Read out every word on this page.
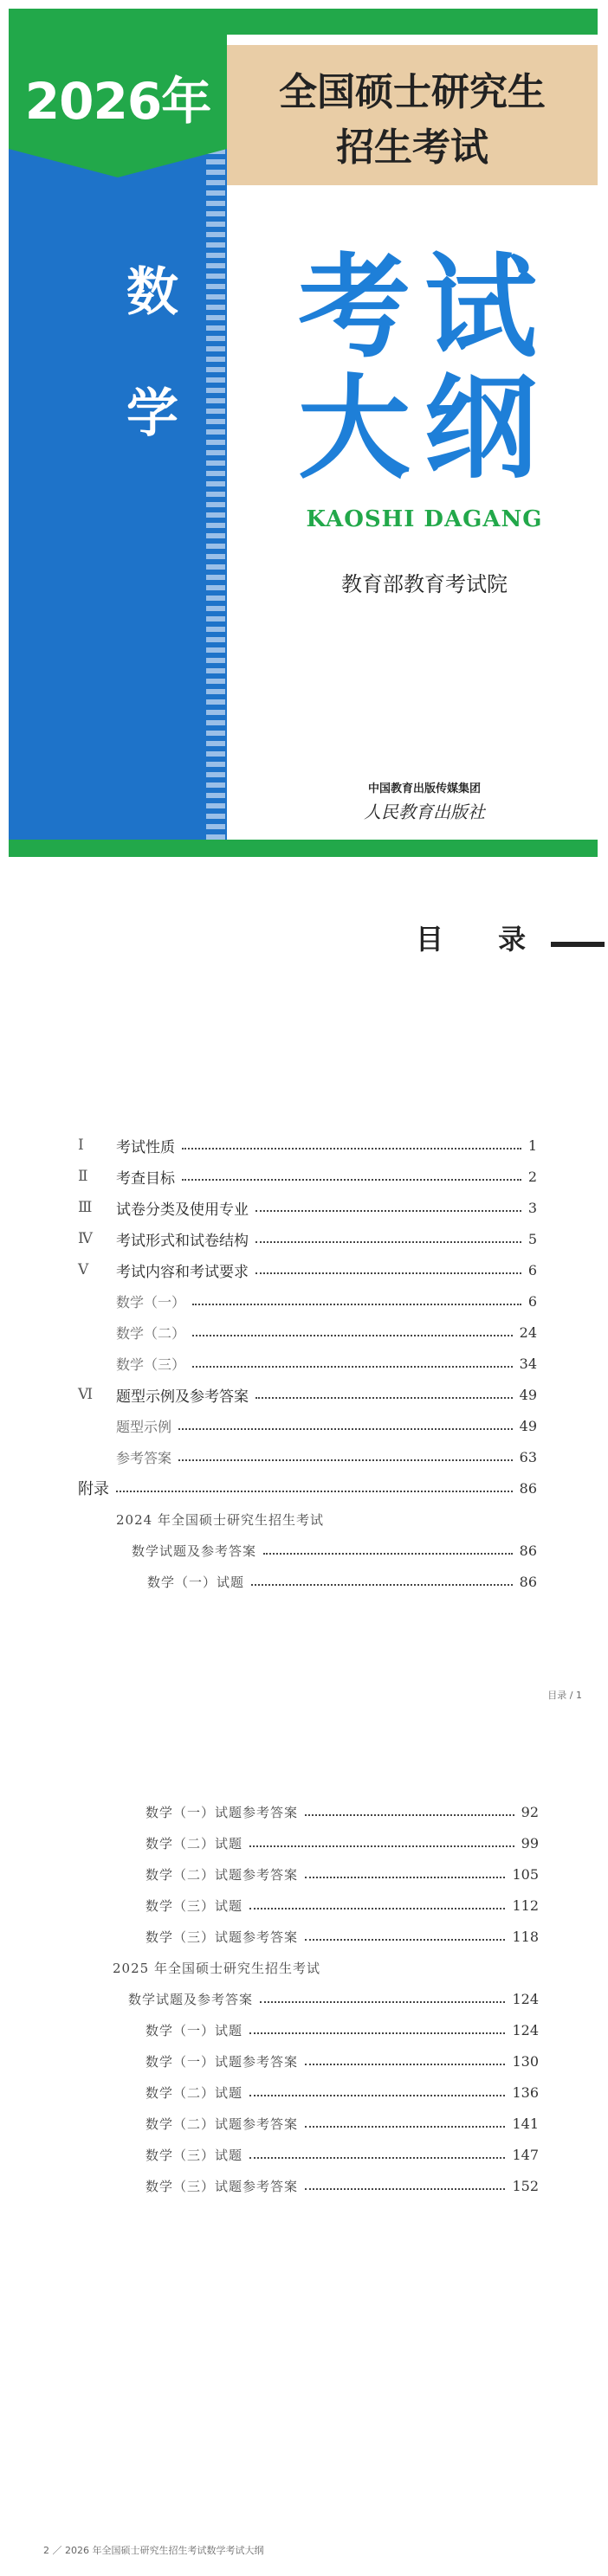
2026年	全国硕士研究生
招生考试
数
学
考试
大纲
KAOSHI DAGANG
教育部教育考试院
中国教育出版传媒集团
人民教育出版社
目 录
Ⅰ	考试性质	1
Ⅱ	考查目标	2
Ⅲ	试卷分类及使用专业	3
Ⅳ	考试形式和试卷结构	5
Ⅴ	考试内容和考试要求	6
数学（一）	6
数学（二）	24
数学（三）	34
Ⅵ	题型示例及参考答案	49
题型示例	49
参考答案	63
附录	86
2024 年全国硕士研究生招生考试
数学试题及参考答案	86
数学（一）试题	86
目录 / 1
数学（一）试题参考答案	92
数学（二）试题	99
数学（二）试题参考答案	105
数学（三）试题	112
数学（三）试题参考答案	118
2025 年全国硕士研究生招生考试
数学试题及参考答案	124
数学（一）试题	124
数学（一）试题参考答案	130
数学（二）试题	136
数学（二）试题参考答案	141
数学（三）试题	147
数学（三）试题参考答案	152
2 ／ 2026 年全国硕士研究生招生考试数学考试大纲
